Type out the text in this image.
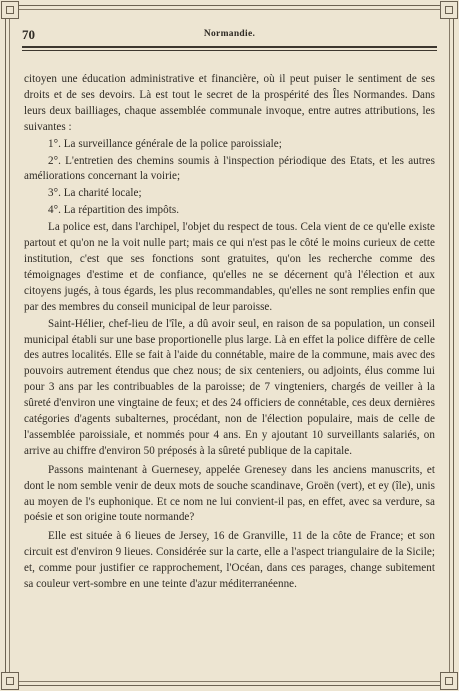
70	Normandie.

citoyen une éducation administrative et financière, où il peut puiser le sentiment de ses droits et de ses devoirs. Là est tout le secret de la prospérité des Îles Normandes. Dans leurs deux bailliages, chaque assemblée communale invoque, entre autres attributions, les suivantes :

1°. La surveillance générale de la police paroissiale;

2°. L'entretien des chemins soumis à l'inspection périodique des Etats, et les autres améliorations concernant la voirie;

3°. La charité locale;

4°. La répartition des impôts.

La police est, dans l'archipel, l'objet du respect de tous. Cela vient de ce qu'elle existe partout et qu'on ne la voit nulle part; mais ce qui n'est pas le côté le moins curieux de cette institution, c'est que ses fonctions sont gratuites, qu'on les recherche comme des témoignages d'estime et de confiance, qu'elles ne se décernent qu'à l'élection et aux citoyens jugés, à tous égards, les plus recommandables, qu'elles ne sont remplies enfin que par des membres du conseil municipal de leur paroisse.

Saint-Hélier, chef-lieu de l'île, a dû avoir seul, en raison de sa population, un conseil municipal établi sur une base proportionelle plus large. Là en effet la police diffère de celle des autres localités. Elle se fait à l'aide du connétable, maire de la commune, mais avec des pouvoirs autrement étendus que chez nous; de six centeniers, ou adjoints, élus comme lui pour 3 ans par les contribuables de la paroisse; de 7 vingteniers, chargés de veiller à la sûreté d'environ une vingtaine de feux; et des 24 officiers de connétable, ces deux dernières catégories d'agents subalternes, procédant, non de l'élection populaire, mais de celle de l'assemblée paroissiale, et nommés pour 4 ans. En y ajoutant 10 surveillants salariés, on arrive au chiffre d'environ 50 préposés à la sûreté publique de la capitale.

Passons maintenant à Guernesey, appelée Grenesey dans les anciens manuscrits, et dont le nom semble venir de deux mots de souche scandinave, Groën (vert), et ey (île), unis au moyen de l's euphonique. Et ce nom ne lui convient-il pas, en effet, avec sa verdure, sa poésie et son origine toute normande?

Elle est située à 6 lieues de Jersey, 16 de Granville, 11 de la côte de France; et son circuit est d'environ 9 lieues. Considérée sur la carte, elle a l'aspect triangulaire de la Sicile; et, comme pour justifier ce rapprochement, l'Océan, dans ces parages, change subitement sa couleur vert-sombre en une teinte d'azur méditerranéenne.
